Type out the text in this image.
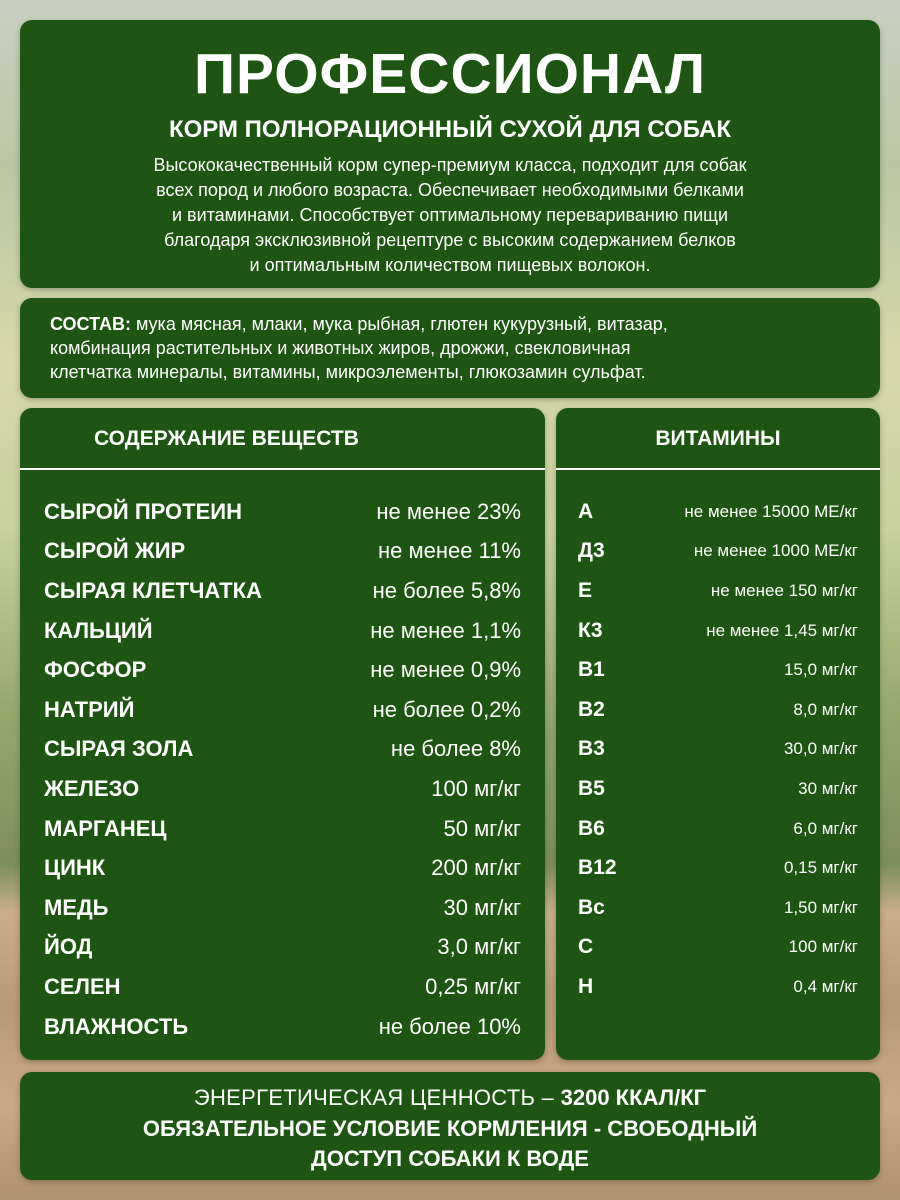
ПРОФЕССИОНАЛ
КОРМ ПОЛНОРАЦИОННЫЙ СУХОЙ ДЛЯ СОБАК
Высококачественный корм супер-премиум класса, подходит для собак
всех пород и любого возраста. Обеспечивает необходимыми белками
и витаминами. Способствует оптимальному перевариванию пищи
благодаря эксклюзивной рецептуре с высоким содержанием белков
и оптимальным количеством пищевых волокон.
СОСТАВ: мука мясная, млаки, мука рыбная, глютен кукурузный, витазар,
комбинация растительных и животных жиров, дрожжи, свекловичная
клетчатка минералы, витамины, микроэлементы, глюкозамин сульфат.
СОДЕРЖАНИЕ ВЕЩЕСТВ
СЫРОЙ ПРОТЕИН	не менее 23%
СЫРОЙ ЖИР	не менее 11%
СЫРАЯ КЛЕТЧАТКА	не более 5,8%
КАЛЬЦИЙ	не менее 1,1%
ФОСФОР	не менее 0,9%
НАТРИЙ	не более 0,2%
СЫРАЯ ЗОЛА	не более 8%
ЖЕЛЕЗО	100 мг/кг
МАРГАНЕЦ	50 мг/кг
ЦИНК	200 мг/кг
МЕДЬ	30 мг/кг
ЙОД	3,0 мг/кг
СЕЛЕН	0,25 мг/кг
ВЛАЖНОСТЬ	не более 10%
ВИТАМИНЫ
А	не менее 15000 МЕ/кг
Д3	не менее 1000 МЕ/кг
Е	не менее 150 мг/кг
К3	не менее 1,45 мг/кг
В1	15,0 мг/кг
В2	8,0 мг/кг
В3	30,0 мг/кг
В5	30 мг/кг
В6	6,0 мг/кг
В12	0,15 мг/кг
Вс	1,50 мг/кг
С	100 мг/кг
Н	0,4 мг/кг
ЭНЕРГЕТИЧЕСКАЯ ЦЕННОСТЬ – 3200 ККАЛ/КГ
ОБЯЗАТЕЛЬНОЕ УСЛОВИЕ КОРМЛЕНИЯ - СВОБОДНЫЙ
ДОСТУП СОБАКИ К ВОДЕ
